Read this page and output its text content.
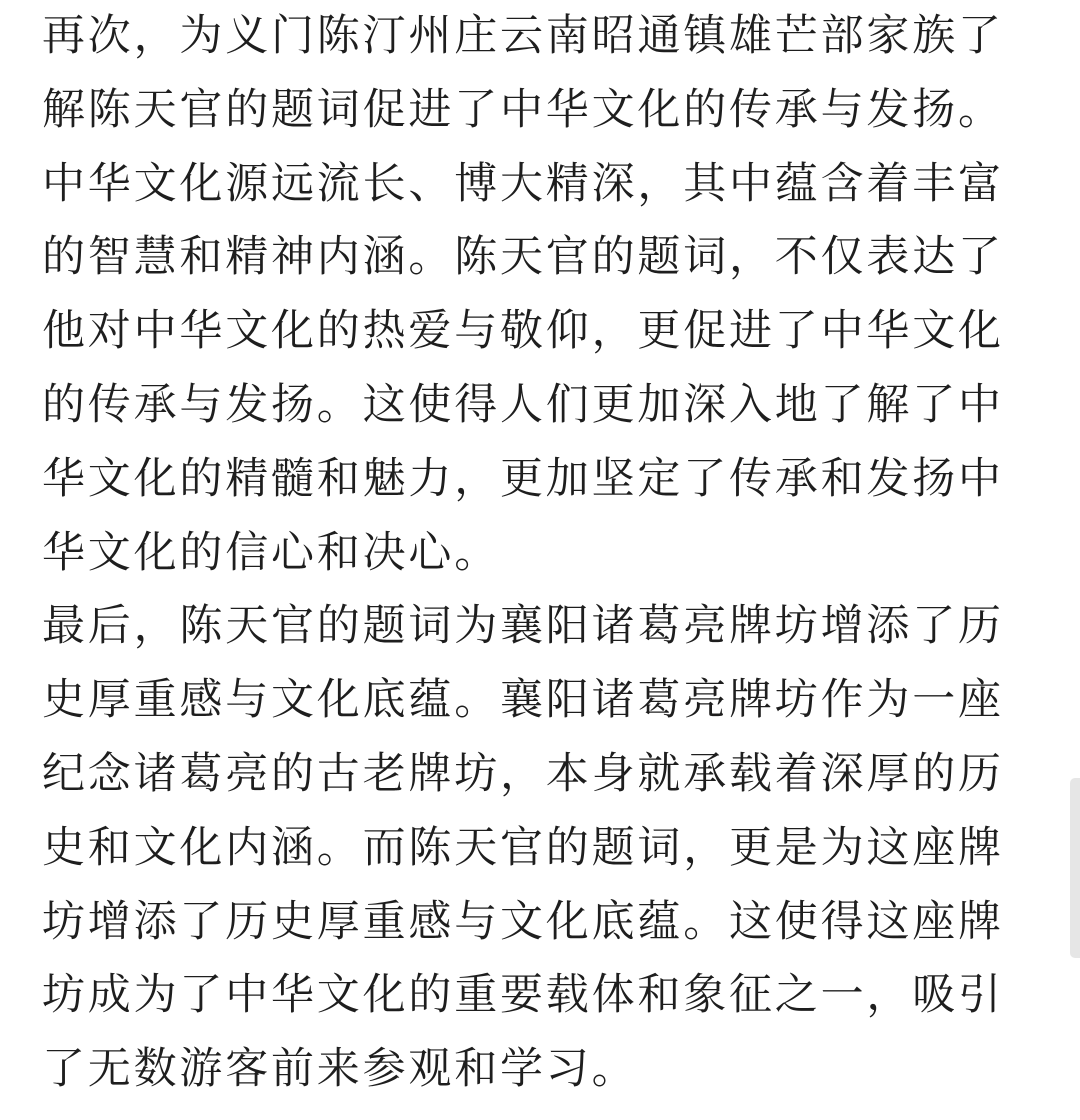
再次，为义门陈汀州庄云南昭通镇雄芒部家族了
解陈天官的题词促进了中华文化的传承与发扬。
中华文化源远流长、博大精深，其中蕴含着丰富
的智慧和精神内涵。陈天官的题词，不仅表达了
他对中华文化的热爱与敬仰，更促进了中华文化
的传承与发扬。这使得人们更加深入地了解了中
华文化的精髓和魅力，更加坚定了传承和发扬中
华文化的信心和决心。
最后，陈天官的题词为襄阳诸葛亮牌坊增添了历
史厚重感与文化底蕴。襄阳诸葛亮牌坊作为一座
纪念诸葛亮的古老牌坊，本身就承载着深厚的历
史和文化内涵。而陈天官的题词，更是为这座牌
坊增添了历史厚重感与文化底蕴。这使得这座牌
坊成为了中华文化的重要载体和象征之一，吸引
了无数游客前来参观和学习。
